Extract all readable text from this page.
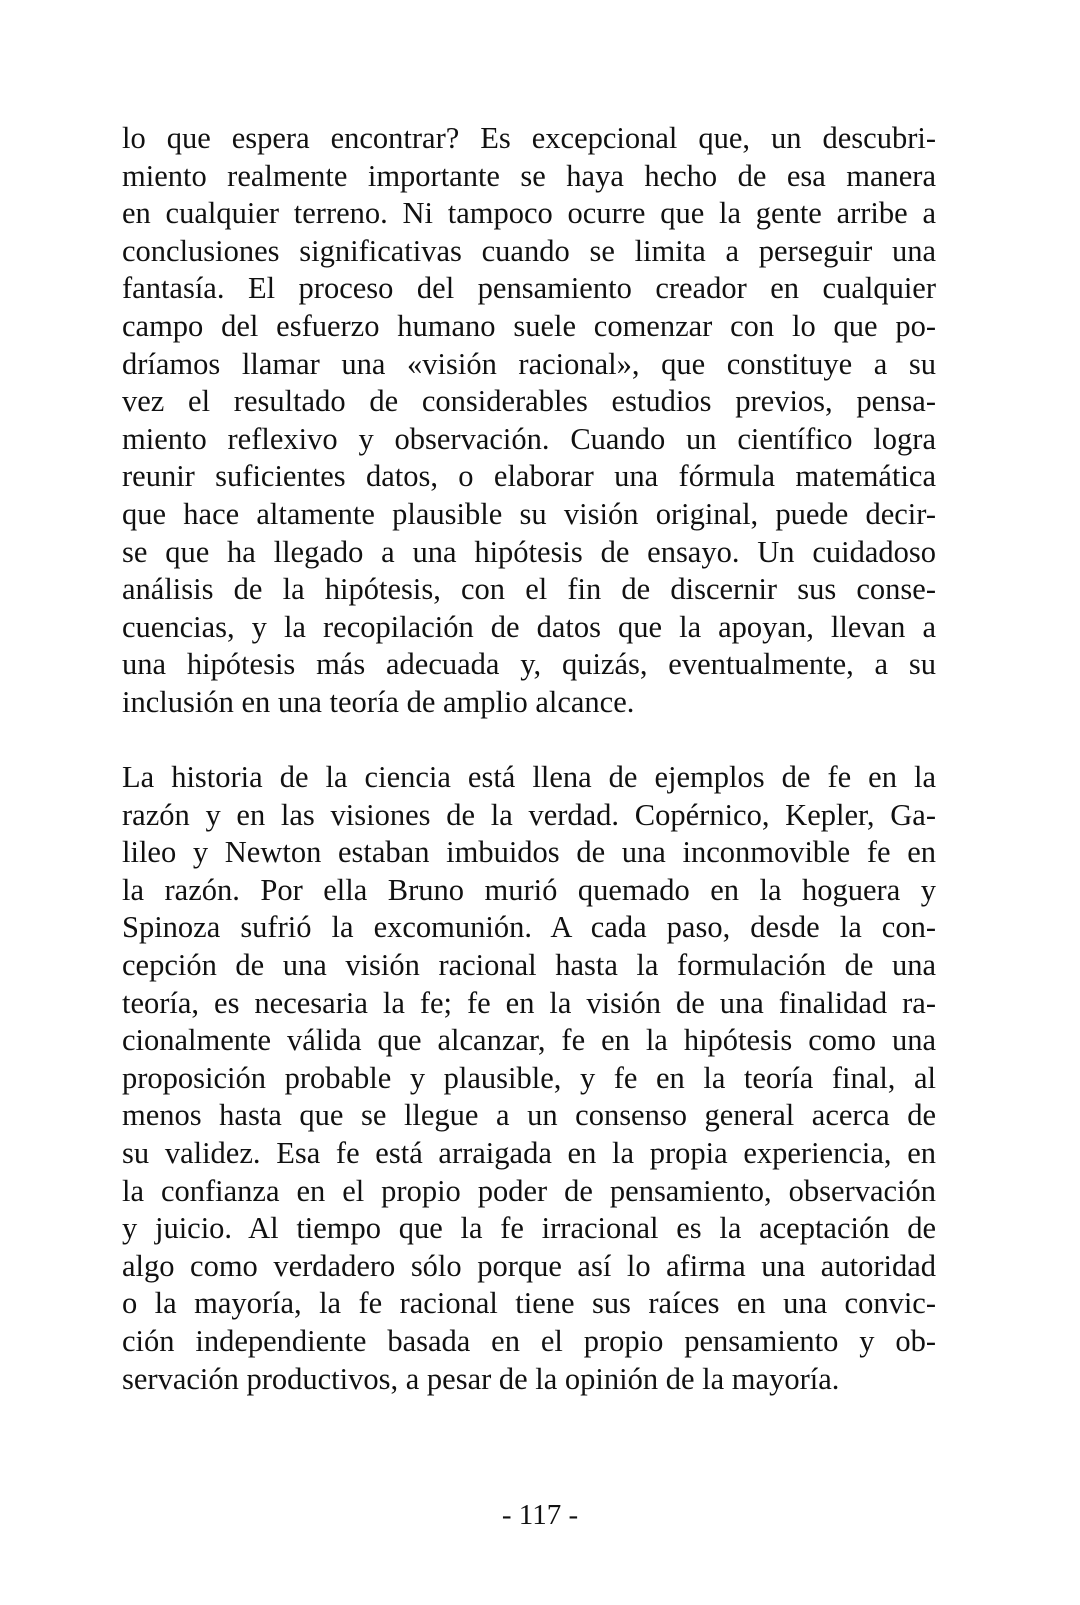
lo que espera encontrar? Es excepcional que, un descubri-
miento realmente importante se haya hecho de esa manera
en cualquier terreno. Ni tampoco ocurre que la gente arribe a
conclusiones significativas cuando se limita a perseguir una
fantasía. El proceso del pensamiento creador en cualquier
campo del esfuerzo humano suele comenzar con lo que po-
dríamos llamar una «visión racional», que constituye a su
vez el resultado de considerables estudios previos, pensa-
miento reflexivo y observación. Cuando un científico logra
reunir suficientes datos, o elaborar una fórmula matemática
que hace altamente plausible su visión original, puede decir-
se que ha llegado a una hipótesis de ensayo. Un cuidadoso
análisis de la hipótesis, con el fin de discernir sus conse-
cuencias, y la recopilación de datos que la apoyan, llevan a
una hipótesis más adecuada y, quizás, eventualmente, a su
inclusión en una teoría de amplio alcance.

La historia de la ciencia está llena de ejemplos de fe en la
razón y en las visiones de la verdad. Copérnico, Kepler, Ga-
lileo y Newton estaban imbuidos de una inconmovible fe en
la razón. Por ella Bruno murió quemado en la hoguera y
Spinoza sufrió la excomunión. A cada paso, desde la con-
cepción de una visión racional hasta la formulación de una
teoría, es necesaria la fe; fe en la visión de una finalidad ra-
cionalmente válida que alcanzar, fe en la hipótesis como una
proposición probable y plausible, y fe en la teoría final, al
menos hasta que se llegue a un consenso general acerca de
su validez. Esa fe está arraigada en la propia experiencia, en
la confianza en el propio poder de pensamiento, observación
y juicio. Al tiempo que la fe irracional es la aceptación de
algo como verdadero sólo porque así lo afirma una autoridad
o la mayoría, la fe racional tiene sus raíces en una convic-
ción independiente basada en el propio pensamiento y ob-
servación productivos, a pesar de la opinión de la mayoría.

- 117 -
